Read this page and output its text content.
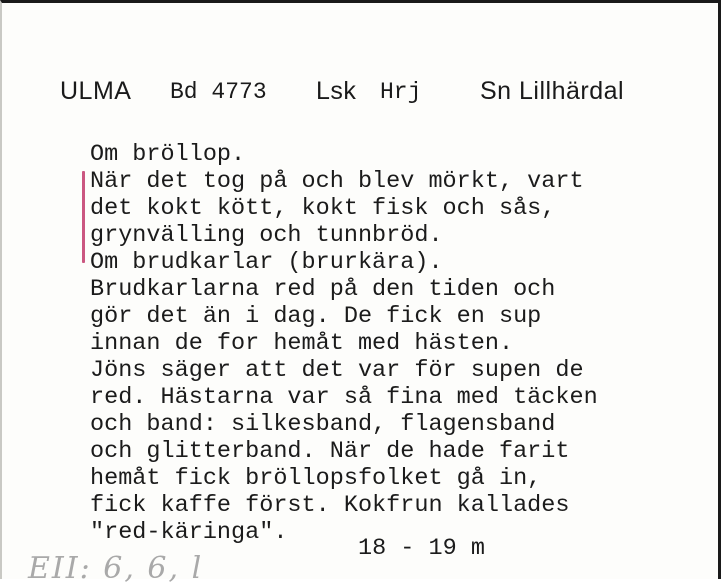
ULMA Bd 4773 Lsk Hrj Sn Lillhärdal
Om bröllop.
När det tog på och blev mörkt, vart
det kokt kött, kokt fisk och sås,
grynvälling och tunnbröd.
Om brudkarlar (brurkära).
Brudkarlarna red på den tiden och
gör det än i dag. De fick en sup
innan de for hemåt med hästen.
Jöns säger att det var för supen de
red. Hästarna var så fina med täcken
och band: silkesband, flagensband
och glitterband. När de hade farit
hemåt fick bröllopsfolket gå in,
fick kaffe först. Kokfrun kallades
"red-käringa".
18 - 19 m
EII: 6, 6, l
